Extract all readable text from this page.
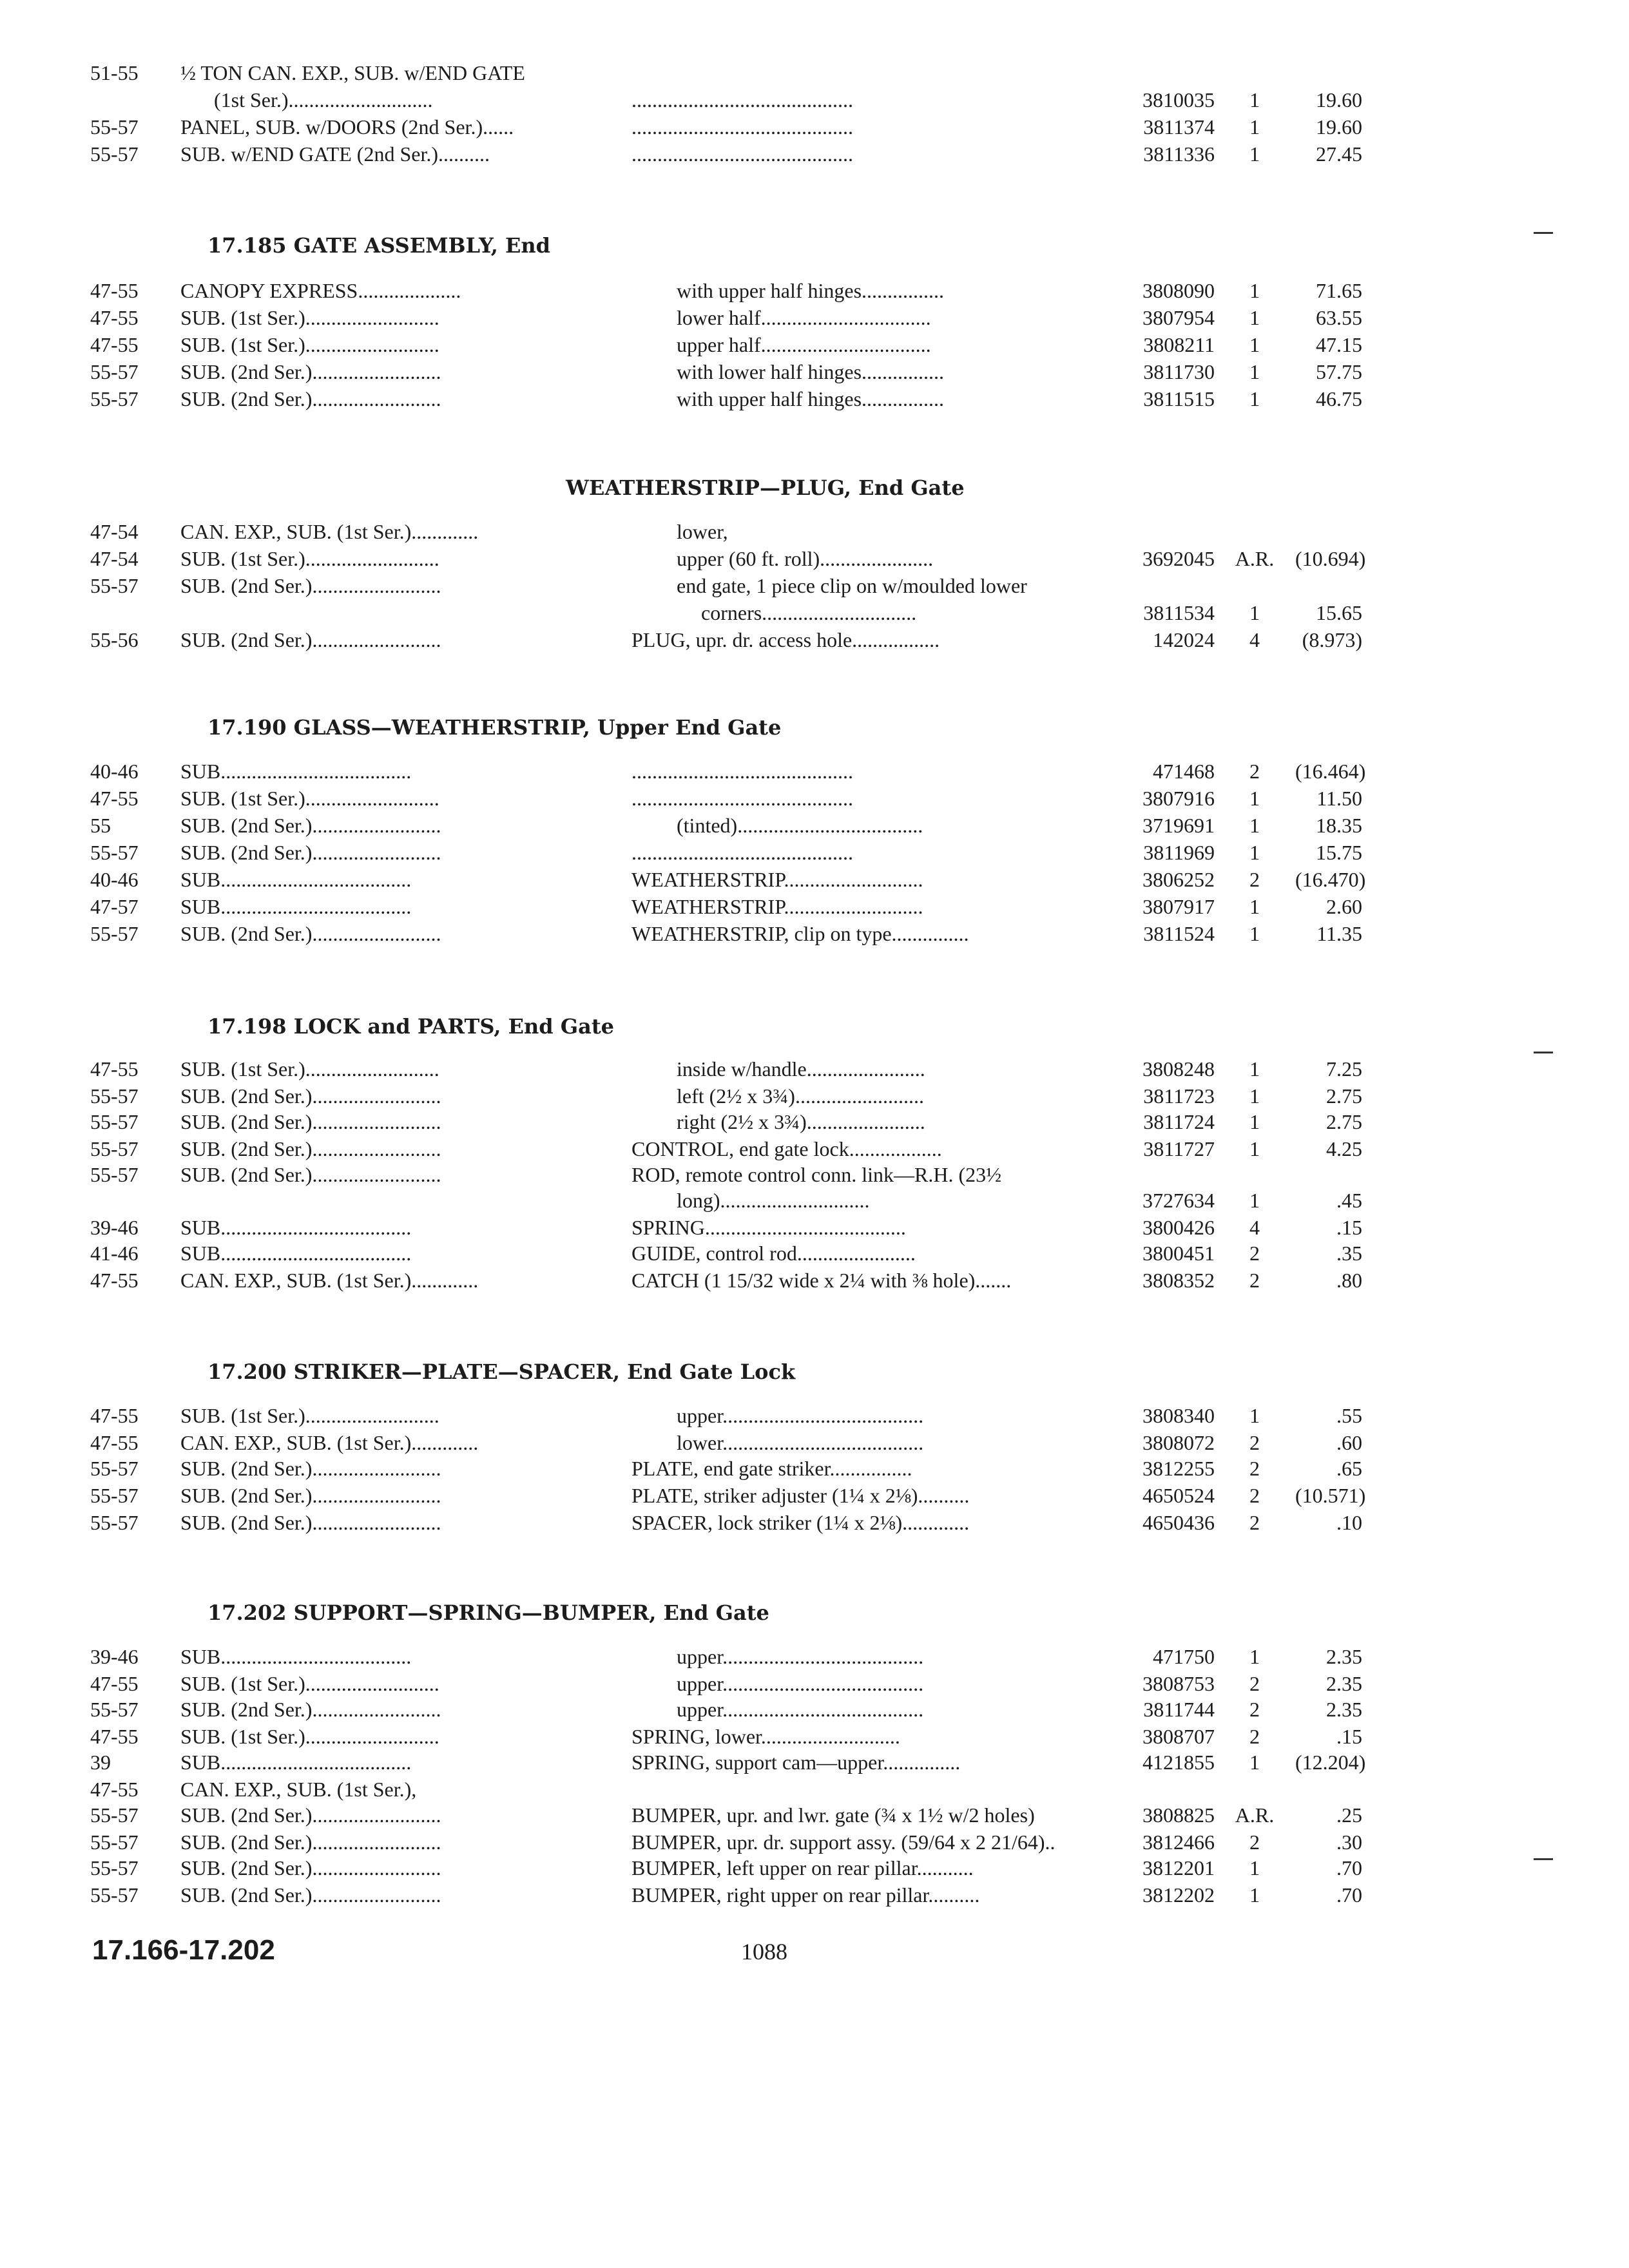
51-55 ½ TON CAN. EXP., SUB. w/END GATE
(1st Ser.)............................	...........................................	3810035	1	19.60
55-57 PANEL, SUB. w/DOORS (2nd Ser.)......	...........................................	3811374	1	19.60
55-57 SUB. w/END GATE (2nd Ser.)..........	...........................................	3811336	1	27.45
17.185 GATE ASSEMBLY, End
47-55 CANOPY EXPRESS....................	with upper half hinges................	3808090	1	71.65
47-55 SUB. (1st Ser.)..........................	lower half.................................	3807954	1	63.55
47-55 SUB. (1st Ser.)..........................	upper half.................................	3808211	1	47.15
55-57 SUB. (2nd Ser.).........................	with lower half hinges................	3811730	1	57.75
55-57 SUB. (2nd Ser.).........................	with upper half hinges................	3811515	1	46.75
WEATHERSTRIP—PLUG, End Gate
47-54 CAN. EXP., SUB. (1st Ser.).............	lower,
47-54 SUB. (1st Ser.)..........................	upper (60 ft. roll)......................	3692045 A.R.	(10.694)
55-57 SUB. (2nd Ser.).........................	end gate, 1 piece clip on w/moulded lower
corners..............................	3811534	1	15.65
55-56 SUB. (2nd Ser.).........................	PLUG, upr. dr. access hole.................	142024	4	(8.973)
17.190 GLASS—WEATHERSTRIP, Upper End Gate
40-46 SUB.....................................	...........................................	471468	2	(16.464)
47-55 SUB. (1st Ser.)..........................	...........................................	3807916	1	11.50
55	SUB. (2nd Ser.).........................	(tinted)....................................	3719691	1	18.35
55-57 SUB. (2nd Ser.).........................	...........................................	3811969	1	15.75
40-46 SUB.....................................	WEATHERSTRIP...........................	3806252	2	(16.470)
47-57 SUB.....................................	WEATHERSTRIP...........................	3807917	1	2.60
55-57 SUB. (2nd Ser.).........................	WEATHERSTRIP, clip on type...............	3811524	1	11.35
17.198 LOCK and PARTS, End Gate
47-55 SUB. (1st Ser.)..........................	inside w/handle.......................	3808248	1	7.25
55-57 SUB. (2nd Ser.).........................	left (2½ x 3¾).........................	3811723	1	2.75
55-57 SUB. (2nd Ser.).........................	right (2½ x 3¾).......................	3811724	1	2.75
55-57 SUB. (2nd Ser.).........................	CONTROL, end gate lock..................	3811727	1	4.25
55-57 SUB. (2nd Ser.).........................	ROD, remote control conn. link—R.H. (23½
long).............................	3727634	1	.45
39-46 SUB.....................................	SPRING.......................................	3800426	4	.15
41-46 SUB.....................................	GUIDE, control rod.......................	3800451	2	.35
47-55 CAN. EXP., SUB. (1st Ser.).............	CATCH (1 15/32 wide x 2¼ with ⅜ hole).......	3808352	2	.80
17.200 STRIKER—PLATE—SPACER, End Gate Lock
47-55 SUB. (1st Ser.)..........................	upper.......................................	3808340	1	.55
47-55 CAN. EXP., SUB. (1st Ser.).............	lower.......................................	3808072	2	.60
55-57 SUB. (2nd Ser.).........................	PLATE, end gate striker................	3812255	2	.65
55-57 SUB. (2nd Ser.).........................	PLATE, striker adjuster (1¼ x 2⅛)..........	4650524	2	(10.571)
55-57 SUB. (2nd Ser.).........................	SPACER, lock striker (1¼ x 2⅛).............	4650436	2	.10
17.202 SUPPORT—SPRING—BUMPER, End Gate
39-46 SUB.....................................	upper.......................................	471750	1	2.35
47-55 SUB. (1st Ser.)..........................	upper.......................................	3808753	2	2.35
55-57 SUB. (2nd Ser.).........................	upper.......................................	3811744	2	2.35
47-55 SUB. (1st Ser.)..........................	SPRING, lower...........................	3808707	2	.15
39	SUB.....................................	SPRING, support cam—upper...............	4121855	1	(12.204)
47-55 CAN. EXP., SUB. (1st Ser.),
55-57 SUB. (2nd Ser.).........................	BUMPER, upr. and lwr. gate (¾ x 1½ w/2 holes)	3808825 A.R.	.25
55-57 SUB. (2nd Ser.).........................	BUMPER, upr. dr. support assy. (59/64 x 2 21/64)..	3812466	2	.30
55-57 SUB. (2nd Ser.).........................	BUMPER, left upper on rear pillar...........	3812201	1	.70
55-57 SUB. (2nd Ser.).........................	BUMPER, right upper on rear pillar..........	3812202	1	.70
17.166-17.202	1088
